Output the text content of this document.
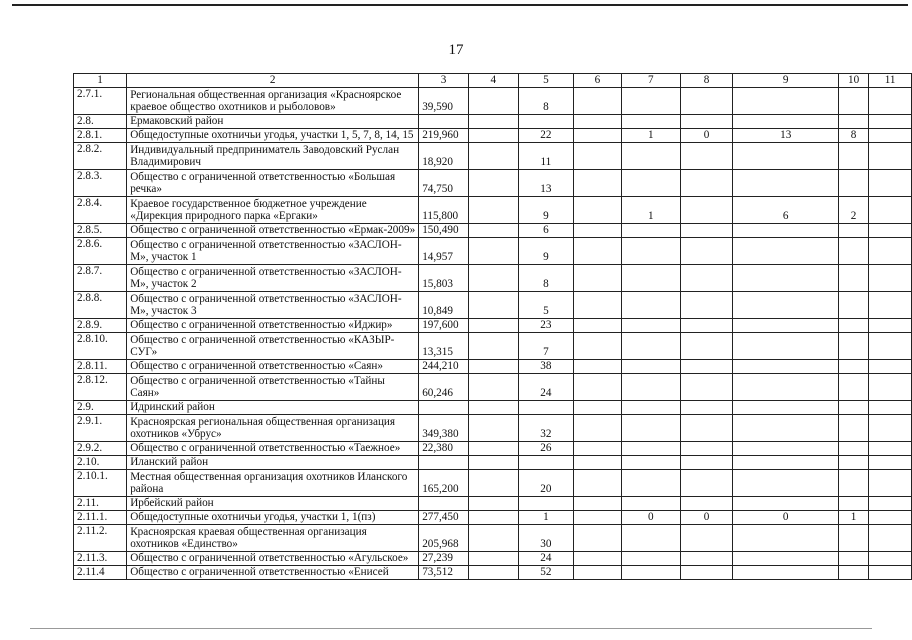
17
1	2	3	4	5	6	7	8	9	10	11
2.7.1.	Региональная общественная организация «Красноярское
краевое общество охотников и рыболовов»	39,590		8						
2.8.	Ермаковский район									

2.8.1.	Общедоступные охотничьи угодья, участки 1, 5, 7, 8, 14, 15	219,960		22		1	0	13	8	
2.8.2.	Индивидуальный предприниматель Заводовский Руслан
Владимирович	18,920		11						
2.8.3.	Общество с ограниченной ответственностью «Большая
речка»	74,750		13						
2.8.4.	Краевое государственное бюджетное учреждение
«Дирекция природного парка «Ергаки»	115,800		9		1		6	2	
2.8.5.	Общество с ограниченной ответственностью «Ермак-2009»	150,490		6						
2.8.6.	Общество с ограниченной ответственностью «ЗАСЛОН-
М», участок 1	14,957		9						
2.8.7.	Общество с ограниченной ответственностью «ЗАСЛОН-
М», участок 2	15,803		8						
2.8.8.	Общество с ограниченной ответственностью «ЗАСЛОН-
М», участок 3	10,849		5						
2.8.9.	Общество с ограниченной ответственностью «Иджир»	197,600		23						
2.8.10.	Общество с ограниченной ответственностью «КАЗЫР-
СУГ»	13,315		7						
2.8.11.	Общество с ограниченной ответственностью «Саян»	244,210		38						
2.8.12.	Общество с ограниченной ответственностью «Тайны
Саян»	60,246		24						
2.9.	Идринский район									

2.9.1.	Красноярская региональная общественная организация
охотников «Убрус»	349,380		32						
2.9.2.	Общество с ограниченной ответственностью «Таежное»	22,380		26						
2.10.	Иланский район									

2.10.1.	Местная общественная организация охотников Иланского
района	165,200		20						
2.11.	Ирбейский район									

2.11.1.	Общедоступные охотничьи угодья, участки 1, 1(пз)	277,450		1		0	0	0	1	
2.11.2.	Красноярская краевая общественная организация
охотников «Единство»	205,968		30						
2.11.3.	Общество с ограниченной ответственностью «Агульское»	27,239		24						
2.11.4	Общество с ограниченной ответственностью «Енисей	73,512		52						
